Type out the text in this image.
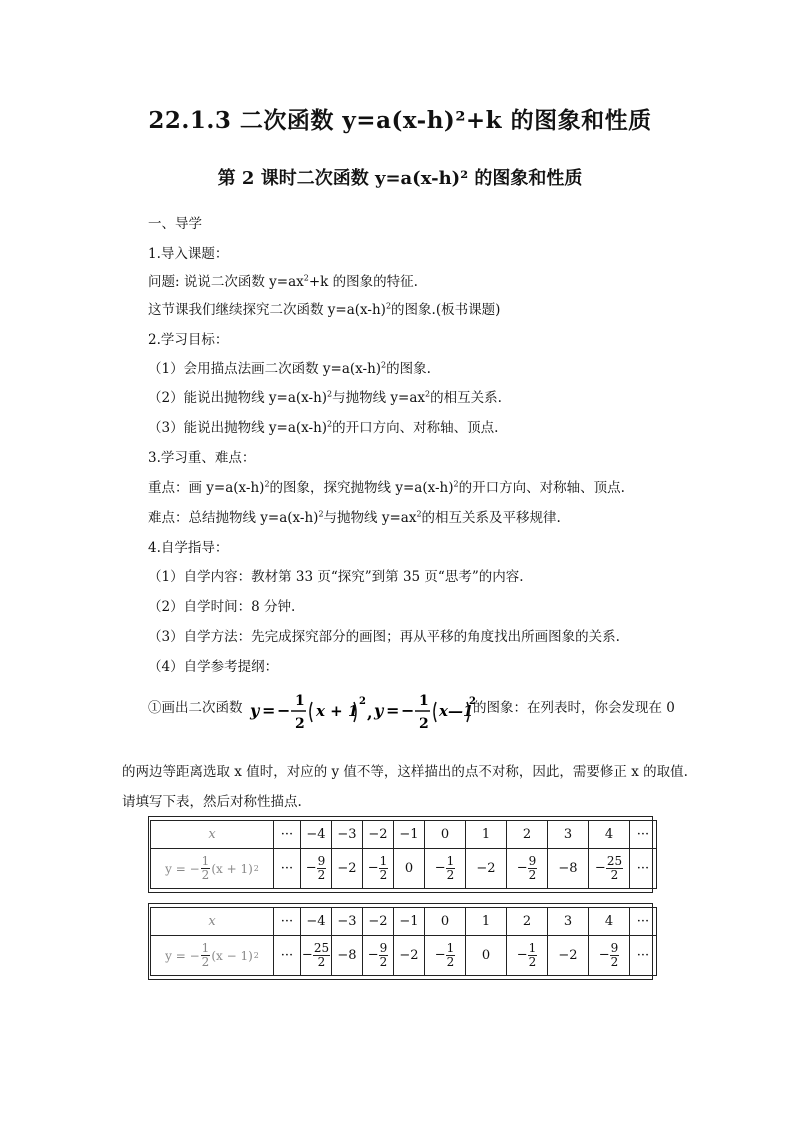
22.1.3 二次函数 y=a(x-h)²+k 的图象和性质
第 2 课时二次函数 y=a(x-h)² 的图象和性质
一、导学
1.导入课题：
问题: 说说二次函数 $y=ax^2+k$ 的图象的特征.
这节课我们继续探究二次函数 $y=a(x-h)^2$的图象.(板书课题)
2.学习目标：
（1）会用描点法画二次函数 $y=a(x-h)^2$的图象.
（2）能说出抛物线 $y=a(x-h)^2$与抛物线 $y=ax^2$的相互关系.
（3）能说出抛物线 $y=a(x-h)^2$的开口方向、对称轴、顶点.
3.学习重、难点：
重点：画 $y=a(x-h)^2$的图象，探究抛物线 $y=a(x-h)^2$的开口方向、对称轴、顶点.
难点：总结抛物线 $y=a(x-h)^2$与抛物线 $y=ax^2$的相互关系及平移规律.
4.自学指导：
（1）自学内容：教材第 33 页“探究”到第 35 页“思考”的内容.
（2）自学时间：8 分钟.
（3）自学方法：先完成探究部分的画图；再从平移的角度找出所画图象的关系.
（4）自学参考提纲：
①画出二次函数 y = − 1
2
x + 1
2
, y = − 1
2
x—1
2
的图象：在列表时，你会发现在 0
的两边等距离选取 x 值时，对应的 y 值不等，这样描出的点不对称，因此，需要修正 x 的取值.
请填写下表，然后对称性描点.
x	···	−4	−3	−2	−1	0	1	2	3	4	···

y = − $\frac{1}{2} (x + 1)$ 2	···	− $\frac{9}{2}$	−2	− $\frac{1}{2}$	0	− $\frac{1}{2}$	−2	− $\frac{9}{2}$	−8	− $\frac{25}{2}$	···
x	···	−4	−3	−2	−1	0	1	2	3	4	···

y = − $\frac{1}{2} (x - 1)$ 2	···	− $\frac{25}{2}$	−8	− $\frac{9}{2}$	−2	− $\frac{1}{2}$	0	− $\frac{1}{2}$	−2	− $\frac{9}{2}$	···
